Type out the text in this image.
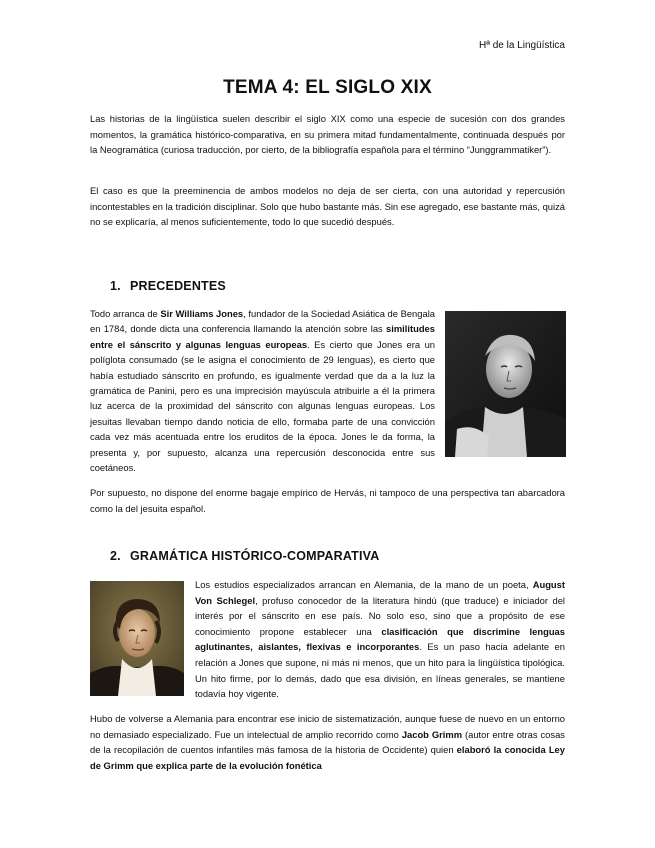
Hª de la Lingüística
TEMA 4: EL SIGLO XIX

Las historias de la lingüística suelen describir el siglo XIX como una especie de sucesión con dos grandes momentos, la gramática histórico-comparativa, en su primera mitad fundamentalmente, continuada después por la Neogramática (curiosa traducción, por cierto, de la bibliografía española para el término “Junggrammatiker”).

El caso es que la preeminencia de ambos modelos no deja de ser cierta, con una autoridad y repercusión incontestables en la tradición disciplinar. Solo que hubo bastante más. Sin ese agregado, ese bastante más, quizá no se explicaría, al menos suficientemente, todo lo que sucedió después.

1. PRECEDENTES

Todo arranca de Sir Williams Jones, fundador de la Sociedad Asiática de Bengala en 1784, donde dicta una conferencia llamando la atención sobre las similitudes entre el sánscrito y algunas lenguas europeas. Es cierto que Jones era un políglota consumado (se le asigna el conocimiento de 29 lenguas), es cierto que había estudiado sánscrito en profundo, es igualmente verdad que da a la luz la gramática de Panini, pero es una imprecisión mayúscula atribuirle a él la primera luz acerca de la proximidad del sánscrito con algunas lenguas europeas. Los jesuitas llevaban tiempo dando noticia de ello, formaba parte de una convicción cada vez más acentuada entre los eruditos de la época. Jones le da forma, la presenta y, por supuesto, alcanza una repercusión desconocida entre sus coetáneos.

Por supuesto, no dispone del enorme bagaje empírico de Hervás, ni tampoco de una perspectiva tan abarcadora como la del jesuita español.

2. GRAMÁTICA HISTÓRICO-COMPARATIVA

Los estudios especializados arrancan en Alemania, de la mano de un poeta, August Von Schlegel, profuso conocedor de la literatura hindú (que traduce) e iniciador del interés por el sánscrito en ese país. No solo eso, sino que a propósito de ese conocimiento propone establecer una clasificación que discrimine lenguas aglutinantes, aislantes, flexivas e incorporantes. Es un paso hacia adelante en relación a Jones que supone, ni más ni menos, que un hito para la lingüística tipológica. Un hito firme, por lo demás, dado que esa división, en líneas generales, se mantiene todavía hoy vigente.

Hubo de volverse a Alemania para encontrar ese inicio de sistematización, aunque fuese de nuevo en un entorno no demasiado especializado. Fue un intelectual de amplio recorrido como Jacob Grimm (autor entre otras cosas de la recopilación de cuentos infantiles más famosa de la historia de Occidente) quien elaboró la conocida Ley de Grimm que explica parte de la evolución fonética
